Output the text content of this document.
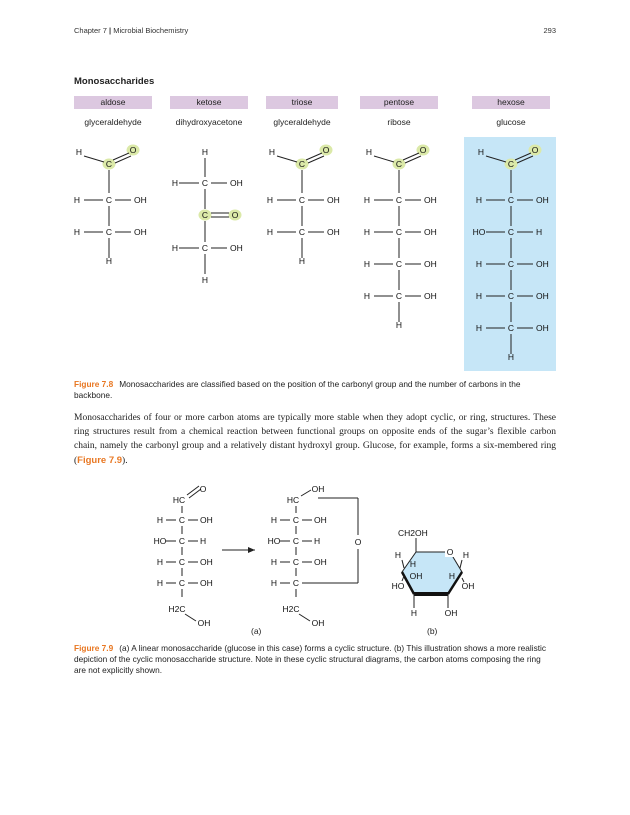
Chapter 7 | Microbial Biochemistry	293
Monosaccharides
aldose	ketose	triose	pentose	hexose
glyceraldehyde	dihydroxyacetone	glyceraldehyde	ribose	glucose
C
H	O
C
H	OH
C
H	OH
H
C
H	O
C
H	OH
C
H	OH
H
C
H	O
C
H	OH
C
H	OH
C
H	OH
C
H	OH
H
C
H	O
C
H	OH
C
HO	H
C
H	OH
C
H	OH
C
H	OH
H
H
C
H	OH
C	O
C
H	OH
H
Figure 7.8 Monosaccharides are classified based on the position of the carbonyl group and the number of carbons in the backbone.
Monosaccharides of four or more carbon atoms are typically more stable when they adopt cyclic, or ring, structures. These ring structures result from a chemical reaction between functional groups on opposite ends of the sugar’s flexible carbon chain, namely the carbonyl group and a relatively distant hydroxyl group. Glucose, for example, forms a six-membered ring (Figure 7.9).
HC
O
C
H	OH
C
HO	H
C
H	OH
C
H	OH
H2C
OH
HC
OH
C
H	OH
C
HO	H
C
H	OH
C
H
H2C
OH
O
O
CH2OH
H	H
H
OH	H
HO	OH
H	OH
(a)	(b)
Figure 7.9 (a) A linear monosaccharide (glucose in this case) forms a cyclic structure. (b) This illustration shows a more realistic depiction of the cyclic monosaccharide structure. Note in these cyclic structural diagrams, the carbon atoms composing the ring are not explicitly shown.
